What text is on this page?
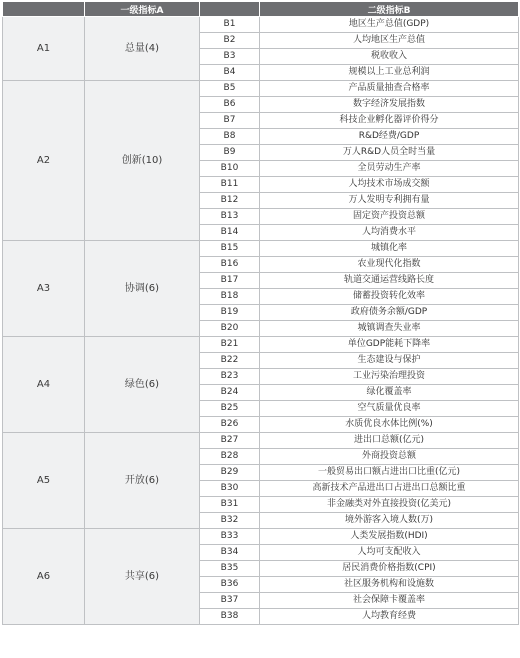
	一级指标A		二级指标B
A1	总量(4)	B1	地区生产总值(GDP)
		B2	人均地区生产总值
		B3	税收收入
		B4	规模以上工业总利润
A2	创新(10)	B5	产品质量抽查合格率
		B6	数字经济发展指数
		B7	科技企业孵化器评价得分
		B8	R&D经费/GDP
		B9	万人R&D人员全时当量
		B10	全员劳动生产率
		B11	人均技术市场成交额
		B12	万人发明专利拥有量
		B13	固定资产投资总额
		B14	人均消费水平
A3	协调(6)	B15	城镇化率
		B16	农业现代化指数
		B17	轨道交通运营线路长度
		B18	储蓄投资转化效率
		B19	政府债务余额/GDP
		B20	城镇调查失业率
A4	绿色(6)	B21	单位GDP能耗下降率
		B22	生态建设与保护
		B23	工业污染治理投资
		B24	绿化覆盖率
		B25	空气质量优良率
		B26	水质优良水体比例(%)
A5	开放(6)	B27	进出口总额(亿元)
		B28	外商投资总额
		B29	一般贸易出口额占进出口比重(亿元)
		B30	高新技术产品进出口占进出口总额比重
		B31	非金融类对外直接投资(亿美元)
		B32	境外游客入境人数(万)
A6	共享(6)	B33	人类发展指数(HDI)
		B34	人均可支配收入
		B35	居民消费价格指数(CPI)
		B36	社区服务机构和设施数
		B37	社会保障卡覆盖率
		B38	人均教育经费
